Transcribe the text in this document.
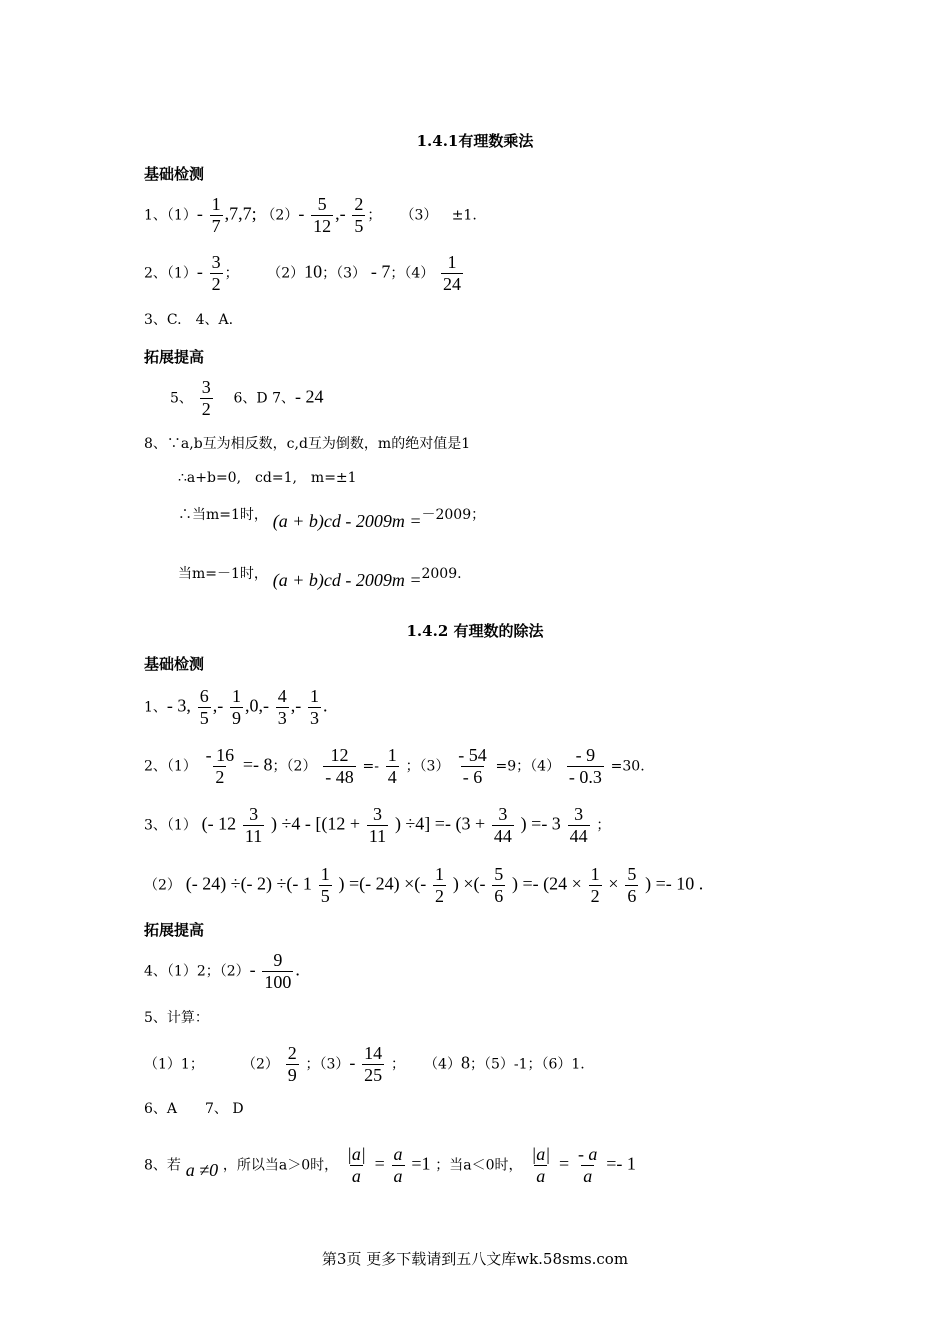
1.4.1有理数乘法
基础检测
1、$(1)- \frac{1}{7} ,7,7$; $(2)- \frac{5}{12}$ ,- $\frac{2}{5}$ ； （3） ±1.
2、$(1)- \frac{3}{2}$ ； （2）10；（3） - 7；$(4) \frac{1}{24}$
3、C.　4、A.
拓展提高
5、 $\frac{3}{2}$ 　6、D 7、- 24
8、∵a,b互为相反数，c,d互为倒数，m的绝对值是1
∴a+b=0,　cd=1,　m=±1
∴当m=1时， (a + b)cd - 2009m =－2009；
当m=－1时， (a + b)cd - 2009m =2009.
1.4.2 有理数的除法
基础检测
1、- 3, $\frac{6}{5}$ ,- $\frac{1}{9} ,0,- \frac{4}{3}$ ,- $\frac{1}{3}$ .
2、$(1) \frac{- 16}{2} =- 8$；$(2) \frac{12}{- 48} =- \frac{1}{4}$ ；$(3) \frac{- 54}{- 6} =9$；$(4) \frac{- 9}{- 0.3} =30$.
3、（1） (- $12 \frac{3}{11}$ ) $\div 4 - [(12 + \frac{3}{11}$ ) $\div 4] =- (3 + \frac{3}{44}$ ) =- $3 \frac{3}{44}$ ；
（2） (- 24) ÷(- 2) ÷(- $1 \frac{1}{5}$ ) =(- 24) ×(- $\frac{1}{2}$ ) ×(- $\frac{5}{6}$ ) =- ($24 \times \frac{1}{2} \times \frac{5}{6}$ ) =- 10 .
拓展提高
4、（1）2；$(2)- \frac{9}{100}$ .
5、计算：
（1）1；	$(2) \frac{2}{9}$ ；$(3)- \frac{14}{25}$ ； （4）8；（5）-1；（6）1.
6、A　　7、 D
8、若 a ≠0 ，所以当a＞0时， $\frac{|a|}{a} = \frac{a}{a} =1$ ；当a＜0时， $\frac{|a|}{a} = \frac{- a}{a} =- 1$
第3页 更多下载请到五八文库wk.58sms.com
